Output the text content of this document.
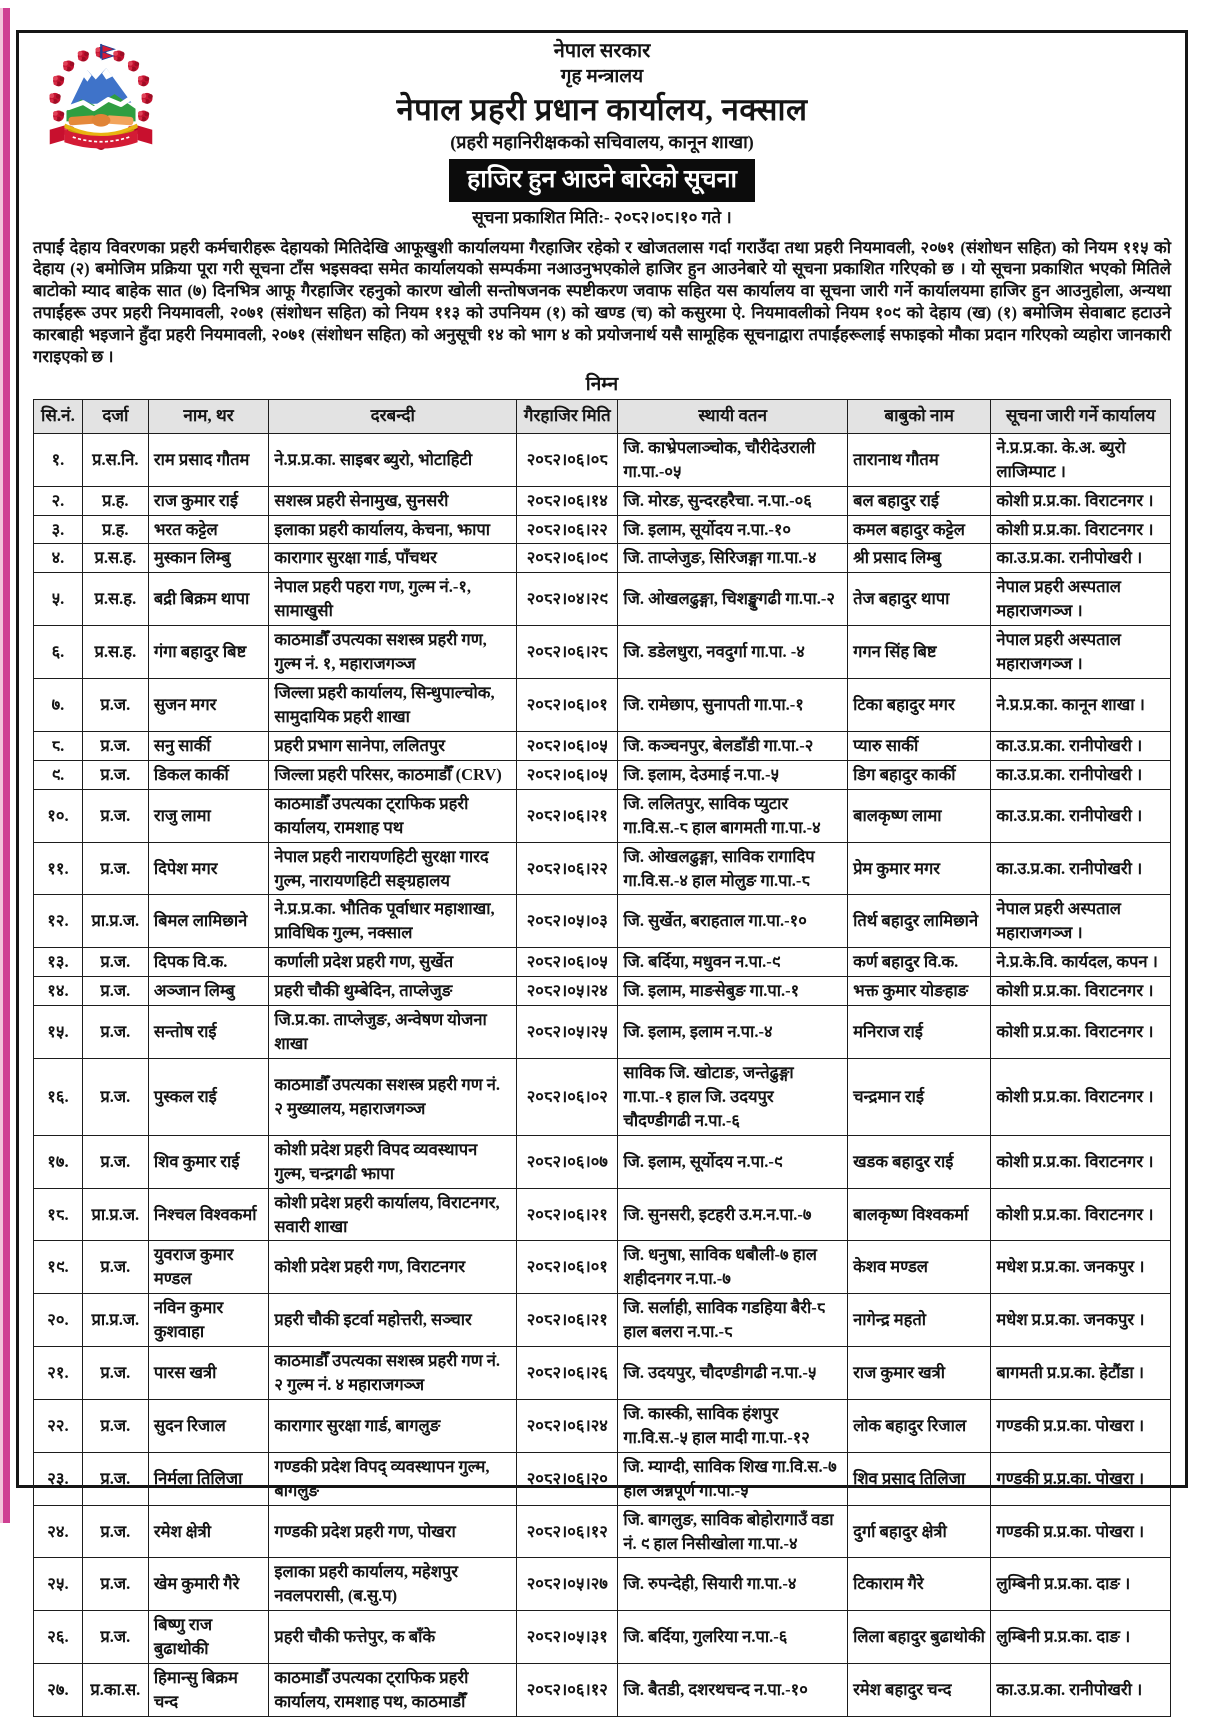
नेपाल सरकार
गृह मन्त्रालय
नेपाल प्रहरी प्रधान कार्यालय, नक्साल
(प्रहरी महानिरीक्षकको सचिवालय, कानून शाखा)
हाजिर हुन आउने बारेको सूचना
सूचना प्रकाशित मिति:- २०८२।०८।१० गते ।
तपाईं देहाय विवरणका प्रहरी कर्मचारीहरू देहायको मितिदेखि आफूखुशी कार्यालयमा गैरहाजिर रहेको र खोजतलास गर्दा गराउँदा तथा प्रहरी नियमावली, २०७१ (संशोधन सहित) को नियम ११५ को देहाय (२) बमोजिम प्रक्रिया पूरा गरी सूचना टाँस भइसक्दा समेत कार्यालयको सम्पर्कमा नआउनुभएकोले हाजिर हुन आउनेबारे यो सूचना प्रकाशित गरिएको छ । यो सूचना प्रकाशित भएको मितिले बाटोको म्याद बाहेक सात (७) दिनभित्र आफू गैरहाजिर रहनुको कारण खोली सन्तोषजनक स्पष्टीकरण जवाफ सहित यस कार्यालय वा सूचना जारी गर्ने कार्यालयमा हाजिर हुन आउनुहोला, अन्यथा तपाईंहरू उपर प्रहरी नियमावली, २०७१ (संशोधन सहित) को नियम ११३ को उपनियम (१) को खण्ड (च) को कसुरमा ऐ. नियमावलीको नियम १०९ को देहाय (ख) (१) बमोजिम सेवाबाट हटाउने कारबाही भइजाने हुँदा प्रहरी नियमावली, २०७१ (संशोधन सहित) को अनुसूची १४ को भाग ४ को प्रयोजनार्थ यसै सामूहिक सूचनाद्वारा तपाईंहरूलाई सफाइको मौका प्रदान गरिएको व्यहोरा जानकारी गराइएको छ ।
निम्न
सि.नं.	दर्जा	नाम, थर	दरबन्दी	गैरहाजिर मिति	स्थायी वतन	बाबुको नाम	सूचना जारी गर्ने कार्यालय
१.	प्र.स.नि.	राम प्रसाद गौतम	ने.प्र.प्र.का. साइबर ब्युरो, भोटाहिटी	२०८२।०६।०८	जि. काभ्रेपलाञ्चोक, चौरीदेउराली गा.पा.-०५	तारानाथ गौतम	ने.प्र.प्र.का. के.अ. ब्युरो लाजिम्पाट ।
२.	प्र.ह.	राज कुमार राई	सशस्त्र प्रहरी सेनामुख, सुनसरी	२०८२।०६।१४	जि. मोरङ, सुन्दरहरैचा. न.पा.-०६	बल बहादुर राई	कोशी प्र.प्र.का. विराटनगर ।
३.	प्र.ह.	भरत कट्टेल	इलाका प्रहरी कार्यालय, केचना, झापा	२०८२।०६।२२	जि. इलाम, सूर्योदय न.पा.-१०	कमल बहादुर कट्टेल	कोशी प्र.प्र.का. विराटनगर ।
४.	प्र.स.ह.	मुस्कान लिम्बु	कारागार सुरक्षा गार्ड, पाँचथर	२०८२।०६।०९	जि. ताप्लेजुङ, सिरिजङ्गा गा.पा.-४	श्री प्रसाद लिम्बु	का.उ.प्र.का. रानीपोखरी ।
५.	प्र.स.ह.	बद्री बिक्रम थापा	नेपाल प्रहरी पहरा गण, गुल्म नं.-१, सामाखुसी	२०८२।०४।२९	जि. ओखलढुङ्गा, चिशङ्खुगढी गा.पा.-२	तेज बहादुर थापा	नेपाल प्रहरी अस्पताल महाराजगञ्ज ।
६.	प्र.स.ह.	गंगा बहादुर बिष्ट	काठमाडौँ उपत्यका सशस्त्र प्रहरी गण, गुल्म नं. १, महाराजगञ्ज	२०८२।०६।२८	जि. डडेलधुरा, नवदुर्गा गा.पा. -४	गगन सिंह बिष्ट	नेपाल प्रहरी अस्पताल महाराजगञ्ज ।
७.	प्र.ज.	सुजन मगर	जिल्ला प्रहरी कार्यालय, सिन्धुपाल्चोक, सामुदायिक प्रहरी शाखा	२०८२।०६।०१	जि. रामेछाप, सुनापती गा.पा.-१	टिका बहादुर मगर	ने.प्र.प्र.का. कानून शाखा ।
८.	प्र.ज.	सनु सार्की	प्रहरी प्रभाग सानेपा, ललितपुर	२०८२।०६।०५	जि. कञ्चनपुर, बेलडाँडी गा.पा.-२	प्यारु सार्की	का.उ.प्र.का. रानीपोखरी ।
९.	प्र.ज.	डिकल कार्की	जिल्ला प्रहरी परिसर, काठमाडौँ (CRV)	२०८२।०६।०५	जि. इलाम, देउमाई न.पा.-५	डिग बहादुर कार्की	का.उ.प्र.का. रानीपोखरी ।
१०.	प्र.ज.	राजु लामा	काठमाडौँ उपत्यका ट्राफिक प्रहरी कार्यालय, रामशाह पथ	२०८२।०६।२१	जि. ललितपुर, साविक प्युटार गा.वि.स.-८ हाल बागमती गा.पा.-४	बालकृष्ण लामा	का.उ.प्र.का. रानीपोखरी ।
११.	प्र.ज.	दिपेश मगर	नेपाल प्रहरी नारायणहिटी सुरक्षा गारद गुल्म, नारायणहिटी सङ्ग्रहालय	२०८२।०६।२२	जि. ओखलढुङ्गा, साविक रागादिप गा.वि.स.-४ हाल मोलुङ गा.पा.-८	प्रेम कुमार मगर	का.उ.प्र.का. रानीपोखरी ।
१२.	प्रा.प्र.ज.	बिमल लामिछाने	ने.प्र.प्र.का. भौतिक पूर्वाधार महाशाखा, प्राविधिक गुल्म, नक्साल	२०८२।०५।०३	जि. सुर्खेत, बराहताल गा.पा.-१०	तिर्थ बहादुर लामिछाने	नेपाल प्रहरी अस्पताल महाराजगञ्ज ।
१३.	प्र.ज.	दिपक वि.क.	कर्णाली प्रदेश प्रहरी गण, सुर्खेत	२०८२।०६।०५	जि. बर्दिया, मधुवन न.पा.-९	कर्ण बहादुर वि.क.	ने.प्र.के.वि. कार्यदल, कपन ।
१४.	प्र.ज.	अञ्जान लिम्बु	प्रहरी चौकी थुम्बेदिन, ताप्लेजुङ	२०८२।०५।२४	जि. इलाम, माङसेबुङ गा.पा.-१	भक्त कुमार योङहाङ	कोशी प्र.प्र.का. विराटनगर ।
१५.	प्र.ज.	सन्तोष राई	जि.प्र.का. ताप्लेजुङ, अन्वेषण योजना शाखा	२०८२।०५।२५	जि. इलाम, इलाम न.पा.-४	मनिराज राई	कोशी प्र.प्र.का. विराटनगर ।
१६.	प्र.ज.	पुस्कल राई	काठमाडौँ उपत्यका सशस्त्र प्रहरी गण नं. २ मुख्यालय, महाराजगञ्ज	२०८२।०६।०२	साविक जि. खोटाङ, जन्तेढुङ्गा गा.पा.-१ हाल जि. उदयपुर चौदण्डीगढी न.पा.-६	चन्द्रमान राई	कोशी प्र.प्र.का. विराटनगर ।
१७.	प्र.ज.	शिव कुमार राई	कोशी प्रदेश प्रहरी विपद व्यवस्थापन गुल्म, चन्द्रगढी झापा	२०८२।०६।०७	जि. इलाम, सूर्योदय न.पा.-९	खडक बहादुर राई	कोशी प्र.प्र.का. विराटनगर ।
१८.	प्रा.प्र.ज.	निश्चल विश्वकर्मा	कोशी प्रदेश प्रहरी कार्यालय, विराटनगर, सवारी शाखा	२०८२।०६।२१	जि. सुनसरी, इटहरी उ.म.न.पा.-७	बालकृष्ण विश्वकर्मा	कोशी प्र.प्र.का. विराटनगर ।
१९.	प्र.ज.	युवराज कुमार मण्डल	कोशी प्रदेश प्रहरी गण, विराटनगर	२०८२।०६।०१	जि. धनुषा, साविक धबौली-७ हाल शहीदनगर न.पा.-७	केशव मण्डल	मधेश प्र.प्र.का. जनकपुर ।
२०.	प्रा.प्र.ज.	नविन कुमार कुशवाहा	प्रहरी चौकी इटर्वा महोत्तरी, सञ्चार	२०८२।०६।२१	जि. सर्लाही, साविक गडहिया बैरी-८ हाल बलरा न.पा.-८	नागेन्द्र महतो	मधेश प्र.प्र.का. जनकपुर ।
२१.	प्र.ज.	पारस खत्री	काठमाडौँ उपत्यका सशस्त्र प्रहरी गण नं. २ गुल्म नं. ४ महाराजगञ्ज	२०८२।०६।२६	जि. उदयपुर, चौदण्डीगढी न.पा.-५	राज कुमार खत्री	बागमती प्र.प्र.का. हेटौंडा ।
२२.	प्र.ज.	सुदन रिजाल	कारागार सुरक्षा गार्ड, बागलुङ	२०८२।०६।२४	जि. कास्की, साविक हंशपुर गा.वि.स.-५ हाल मादी गा.पा.-१२	लोक बहादुर रिजाल	गण्डकी प्र.प्र.का. पोखरा ।
२३.	प्र.ज.	निर्मला तिलिजा	गण्डकी प्रदेश विपद् व्यवस्थापन गुल्म, बागलुङ	२०८२।०६।२०	जि. म्याग्दी, साविक शिख गा.वि.स.-७ हाल अन्नपूर्ण गा.पा.-५	शिव प्रसाद तिलिजा	गण्डकी प्र.प्र.का. पोखरा ।
२४.	प्र.ज.	रमेश क्षेत्री	गण्डकी प्रदेश प्रहरी गण, पोखरा	२०८२।०६।१२	जि. बागलुङ, साविक बोहोरागाउँ वडा नं. ९ हाल निसीखोला गा.पा.-४	दुर्गा बहादुर क्षेत्री	गण्डकी प्र.प्र.का. पोखरा ।
२५.	प्र.ज.	खेम कुमारी गैरे	इलाका प्रहरी कार्यालय, महेशपुर नवलपरासी, (ब.सु.प)	२०८२।०५।२७	जि. रुपन्देही, सियारी गा.पा.-४	टिकाराम गैरे	लुम्बिनी प्र.प्र.का. दाङ ।
२६.	प्र.ज.	बिष्णु राज बुढाथोकी	प्रहरी चौकी फत्तेपुर, क बाँके	२०८२।०५।३१	जि. बर्दिया, गुलरिया न.पा.-६	लिला बहादुर बुढाथोकी	लुम्बिनी प्र.प्र.का. दाङ ।
२७.	प्र.का.स.	हिमान्सु बिक्रम चन्द	काठमाडौँ उपत्यका ट्राफिक प्रहरी कार्यालय, रामशाह पथ, काठमाडौँ	२०८२।०६।१२	जि. बैतडी, दशरथचन्द न.पा.-१०	रमेश बहादुर चन्द	का.उ.प्र.का. रानीपोखरी ।
